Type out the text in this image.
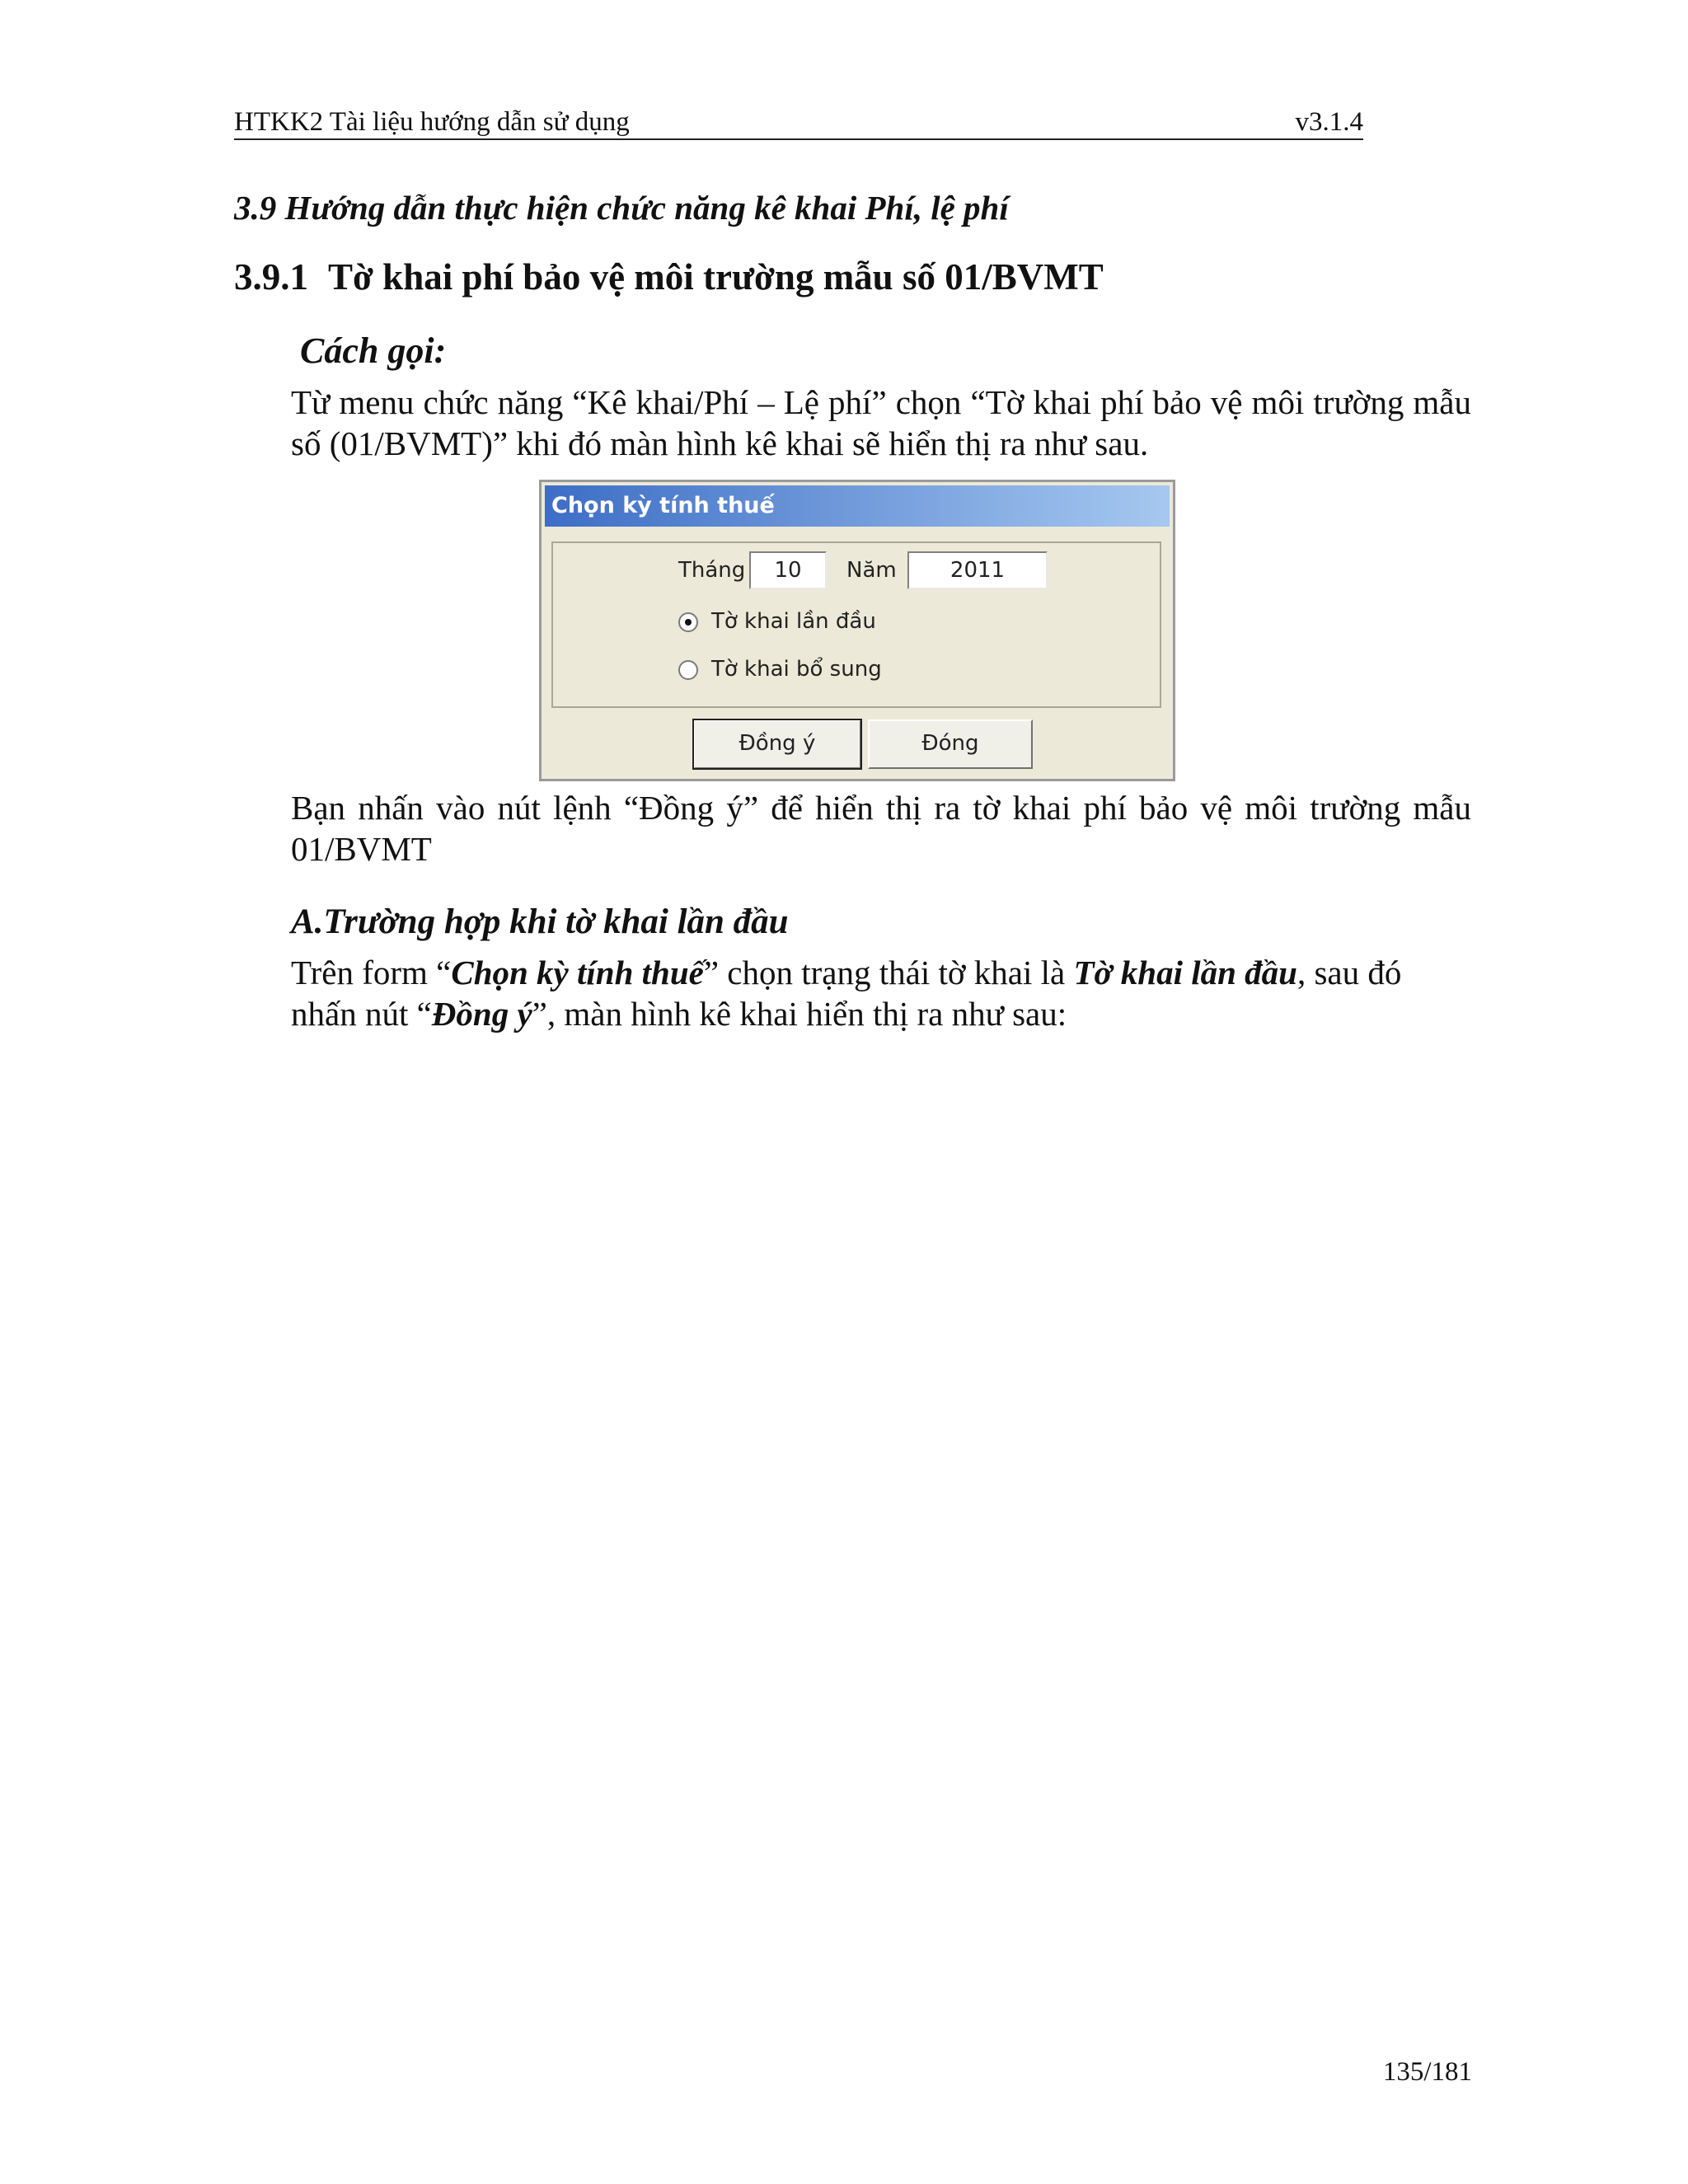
HTKK2 Tài liệu hướng dẫn sử dụng	v3.1.4
3.9 Hướng dẫn thực hiện chức năng kê khai Phí, lệ phí
3.9.1 Tờ khai phí bảo vệ môi trường mẫu số 01/BVMT
Cách gọi:
Từ menu chức năng “Kê khai/Phí – Lệ phí” chọn “Tờ khai phí bảo vệ môi trường mẫu số (01/BVMT)” khi đó màn hình kê khai sẽ hiển thị ra như sau.
Chọn kỳ tính thuế
Tháng	10	Năm	2011
Tờ khai lần đầu
Tờ khai bổ sung
Đồng ý	Đóng
Bạn nhấn vào nút lệnh “Đồng ý” để hiển thị ra tờ khai phí bảo vệ môi trường mẫu 01/BVMT
A.Trường hợp khi tờ khai lần đầu
Trên form “Chọn kỳ tính thuế” chọn trạng thái tờ khai là Tờ khai lần đầu, sau đó nhấn nút “Đồng ý”, màn hình kê khai hiển thị ra như sau:
135/181
